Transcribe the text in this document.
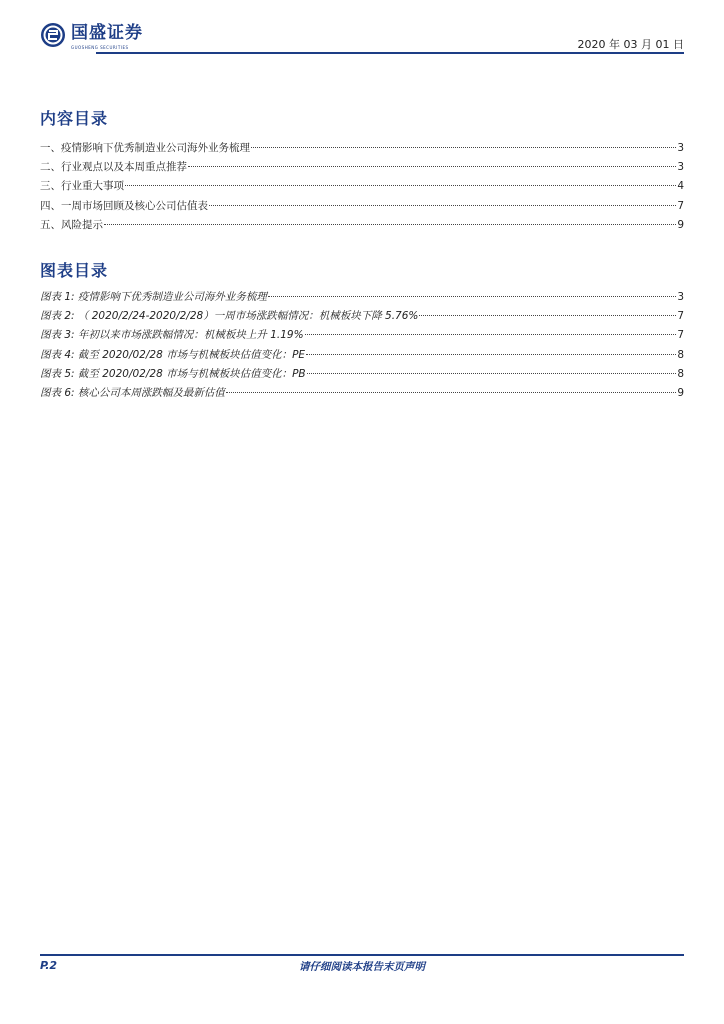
国盛证券
GUOSHENG SECURITIES	2020 年 03 月 01 日
内容目录
一、疫情影响下优秀制造业公司海外业务梳理	3
二、行业观点以及本周重点推荐	3
三、行业重大事项	4
四、一周市场回顾及核心公司估值表	7
五、风险提示	9
图表目录
图表 1: 疫情影响下优秀制造业公司海外业务梳理	3
图表 2: （ 2020/2/24-2020/2/28）一周市场涨跌幅情况：机械板块下降 5.76%	7
图表 3: 年初以来市场涨跌幅情况：机械板块上升 1.19%	7
图表 4: 截至 2020/02/28 市场与机械板块估值变化：PE	8
图表 5: 截至 2020/02/28 市场与机械板块估值变化：PB	8
图表 6: 核心公司本周涨跌幅及最新估值	9
请仔细阅读本报告末页声明
P.2
